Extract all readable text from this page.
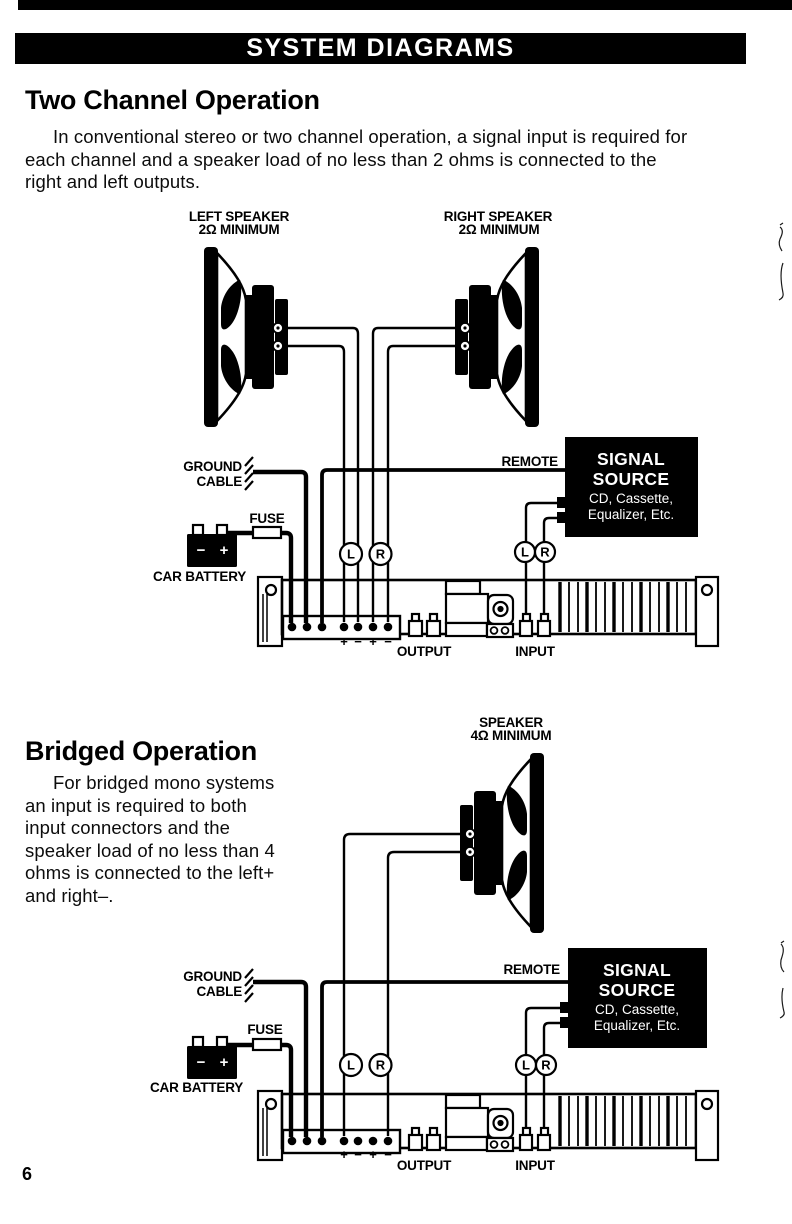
SYSTEM DIAGRAMS
Two Channel Operation
In conventional stereo or two channel operation, a signal input is required for
each channel and a speaker load of no less than 2 ohms is connected to the
right and left outputs.
Bridged Operation
For bridged mono systems
an input is required to both
input connectors and the
speaker load of no less than 4
ohms is connected to the left+
and right–.
− +	L R	L R
SIGNAL
SOURCE
CD, Cassette,
Equalizer, Etc.
LEFT SPEAKER
2Ω MINIMUM
RIGHT SPEAKER
2Ω MINIMUM
GROUND
CABLE
REMOTE
FUSE
CAR BATTERY
+ − + −
OUTPUT	INPUT
− +	L R	L R
SIGNAL
SOURCE
CD, Cassette,
Equalizer, Etc.
SPEAKER
4Ω MINIMUM
GROUND
CABLE
REMOTE
FUSE
CAR BATTERY
+ − + −
OUTPUT	INPUT
6
